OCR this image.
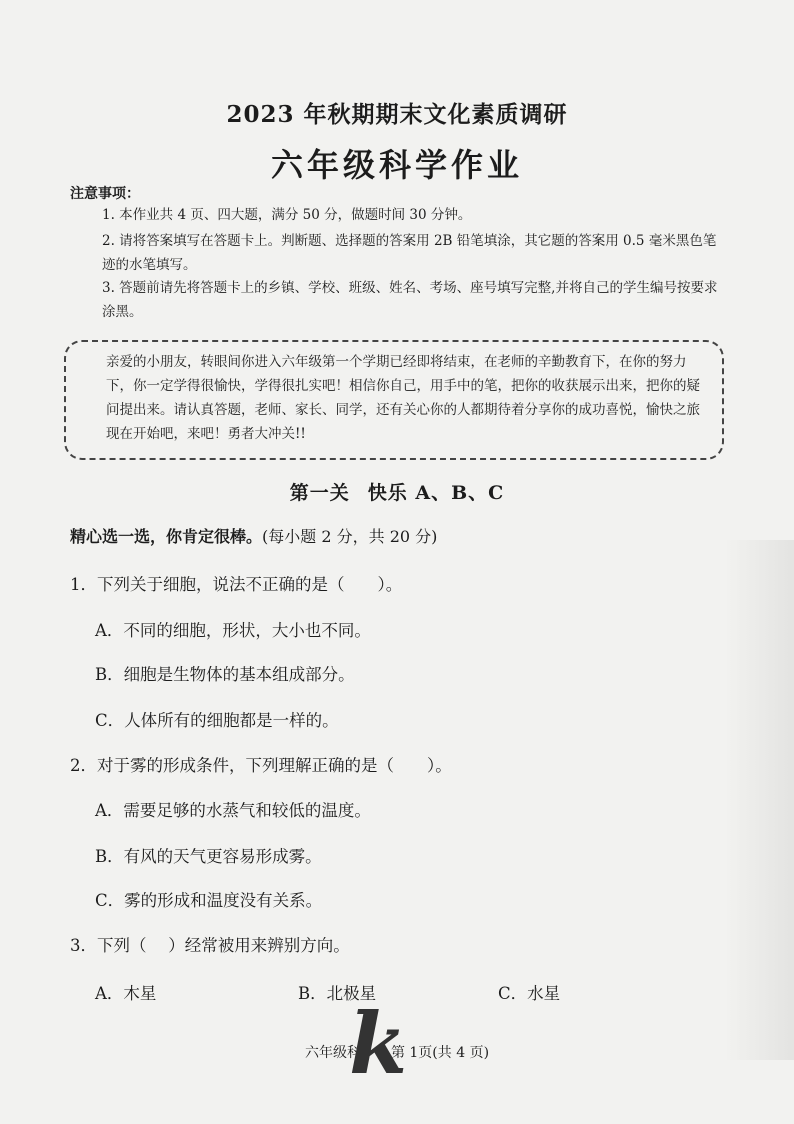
2023 年秋期期末文化素质调研
六年级科学作业
注意事项：
1. 本作业共 4 页、四大题，满分 50 分，做题时间 30 分钟。
2. 请将答案填写在答题卡上。判断题、选择题的答案用 2B 铅笔填涂，其它题的答案用 0.5 毫米黑色笔迹的水笔填写。
3. 答题前请先将答题卡上的乡镇、学校、班级、姓名、考场、座号填写完整,并将自己的学生编号按要求涂黑。
亲爱的小朋友，转眼间你进入六年级第一个学期已经即将结束，在老师的辛勤教育下，在你的努力下，你一定学得很愉快，学得很扎实吧！相信你自己，用手中的笔，把你的收获展示出来，把你的疑问提出来。请认真答题，老师、家长、同学，还有关心你的人都期待着分享你的成功喜悦，愉快之旅现在开始吧，来吧！勇者大冲关!!
第一关 快乐 A、B、C
精心选一选，你肯定很棒。(每小题 2 分，共 20 分)
1．下列关于细胞，说法不正确的是（　　）。
A．不同的细胞，形状，大小也不同。
B．细胞是生物体的基本组成部分。
C．人体所有的细胞都是一样的。
2．对于雾的形成条件，下列理解正确的是（　　）。
A．需要足够的水蒸气和较低的温度。
B．有风的天气更容易形成雾。
C．雾的形成和温度没有关系。
3．下列（　 ）经常被用来辨别方向。
A．木星	B．北极星	C．水星
六年级科 第 1页(共 4 页)
k
